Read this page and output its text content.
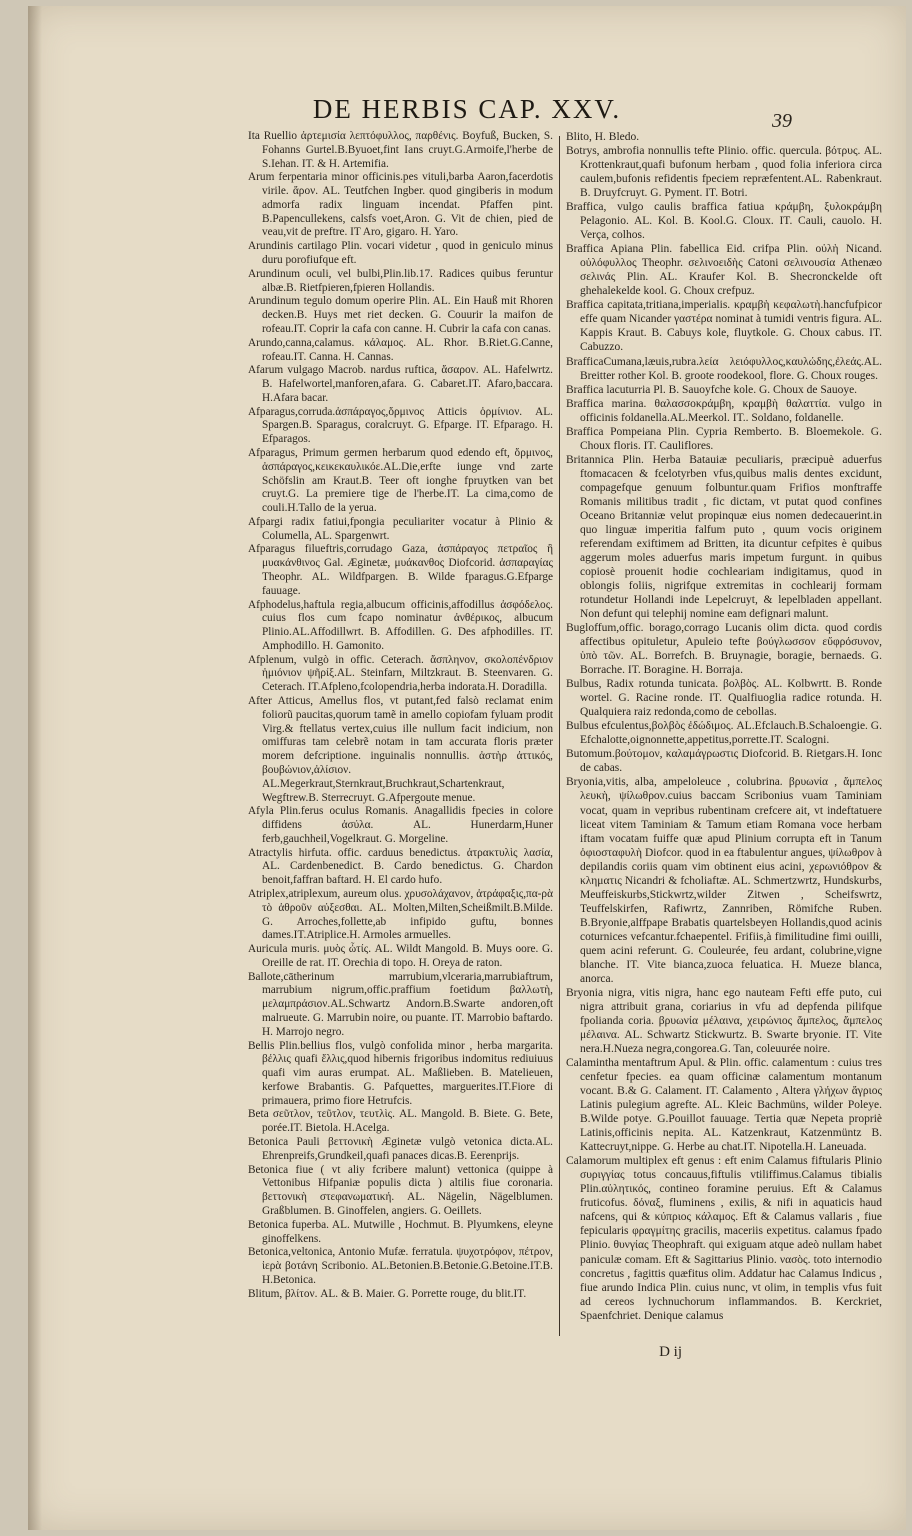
DE HERBIS CAP. XXV.	39

Ita Ruellio ἀρτεμισία λεπτόφυλλος, παρθένις. Boyfuß, Bucken, S. Fohanns Gurtel.B.Byuoet,fint Ians cruyt.G.Armoife,l'herbe de S.Iehan. IT. & H. Artemifia.

Arum ferpentaria minor officinis.pes vituli,barba Aaron,facerdotis virile. ἄρον. AL. Teutfchen Ingber. quod gingiberis in modum admorfa radix linguam incendat. Pfaffen pint. B.Papencullekens, calsfs voet,Aron. G. Vit de chien, pied de veau,vit de preftre. IT Aro, gigaro. H. Yaro.

Arundinis cartilago Plin. vocari videtur , quod in geniculo minus duru porofiufque eft.

Arundinum oculi, vel bulbi,Plin.lib.17. Radices quibus feruntur albæ.B. Rietfpieren,fpieren Hollandis.

Arundinum tegulo domum operire Plin. AL. Ein Hauß mit Rhoren decken.B. Huys met riet decken. G. Couurir la maifon de rofeau.IT. Coprir la cafa con canne. H. Cubrir la cafa con canas.

Arundo,canna,calamus. κάλαμος. AL. Rhor. B.Riet.G.Canne, rofeau.IT. Canna. H. Cannas.

Afarum vulgago Macrob. nardus ruftica, ἄσαρον. AL. Hafelwrtz. B. Hafelwortel,manforen,afara. G. Cabaret.IT. Afaro,baccara. H.Afara bacar.

Afparagus,corruda.ἀσπάραγος,ὄρμινος Atticis ὀρμίνιον. AL. Spargen.B. Sparagus, coralcruyt. G. Efparge. IT. Efparago. H. Efparagos.

Afparagus, Primum germen herbarum quod edendo eft, ὄρμινος, ἀσπάραγος,κεικεκαυλικόε.AL.Die,erfte iunge vnd zarte Schöfslin am Kraut.B. Teer oft ionghe fpruytken van bet cruyt.G. La premiere tige de l'herbe.IT. La cima,como de couli.H.Tallo de la yerua.

Afpargi radix fatiui,fpongia peculiariter vocatur à Plinio & Columella, AL. Spargenwrt.

Afparagus filueftris,corrudago Gaza, ἀσπάραγος πετραῖος ἢ μυακάνθινος Gal. Æginetæ, μυάκανθος Diofcorid. ἀσπαραγίας Theophr. AL. Wildfpargen. B. Wilde fparagus.G.Efparge fauuage.

Afphodelus,haftula regia,albucum officinis,affodillus ἀσφόδελος. cuius flos cum fcapo nominatur ἀνθέρικος, albucum Plinio.AL.Affodillwrt. B. Affodillen. G. Des afphodilles. IT. Amphodillo. H. Gamonito.

Afplenum, vulgò in offic. Ceterach. ἄσπληνον, σκολοπένδριον ἡμιόνιον ψῆρίξ.AL. Steinfarn, Miltzkraut. B. Steenvaren. G. Ceterach. IT.Afpleno,fcolopendria,herba indorata.H. Doradilla.

After Atticus, Amellus flos, vt putant,fed falsò reclamat enim foliorũ paucitas,quorum tamẽ in amello copiofam fyluam prodit Virg.& ftellatus vertex,cuius ille nullum facit indicium, non omiffuras tam celebrẽ notam in tam accurata floris præter morem defcriptione. inguinalis nonnullis. ἀστὴρ ἀττικός, βουβώνιον,ἀλίσιον. AL.Megerkraut,Sternkraut,Bruchkraut,Schartenkraut, Wegftrew.B. Sterrecruyt. G.Afpergoute menue.

Afyla Plin.ferus oculus Romanis. Anagallidis fpecies in colore diffidens ἀσύλα. AL. Hunerdarm,Huner ferb,gauchheil,Vogelkraut. G. Morgeline.

Atractylis hirfuta. offic. carduus benedictus. ἀτρακτυλὶς λασία, AL. Cardenbenedict. B. Cardo benedictus. G. Chardon benoit,faffran baftard. H. El cardo hufo.

Atriplex,atriplexum, aureum olus. χρυσολάχανον, ἀτράφαξις,πα-ρὰ τὸ ἀθροῦν αὐξεσθαι. AL. Molten,Milten,Scheißmilt.B.Milde. G. Arroches,follette,ab infipido guftu, bonnes dames.IT.Atriplice.H. Armoles armuelles.

Auricula muris. μυὸς ὦτίς. AL. Wildt Mangold. B. Muys oore. G. Oreille de rat. IT. Orechia di topo. H. Oreya de raton.

Ballote,cātherinum marrubium,vlceraria,marrubiaftrum, marrubium nigrum,offic.praffium foetidum βαλλωτὴ, μελαμπράσιον.AL.Schwartz Andorn.B.Swarte andoren,oft malrueute. G. Marrubin noire, ou puante. IT. Marrobio baftardo. H. Marrojo negro.

Bellis Plin.bellius flos, vulgò confolida minor , herba margarita. βέλλις quafi ἕλλις,quod hibernis frigoribus indomitus rediuiuus quafi vim auras erumpat. AL. Maßlieben. B. Matelieuen, kerfowe Brabantis. G. Pafquettes, marguerites.IT.Fiore di primauera, primo fiore Hetrufcis.

Beta σεῦτλον, τεῦτλον, τευτλὶς. AL. Mangold. B. Biete. G. Bete, porée.IT. Bietola. H.Acelga.

Betonica Pauli βεττονικὴ Æginetæ vulgò vetonica dicta.AL. Ehrenpreifs,Grundkeil,quafi panaces dicas.B. Eerenprijs.

Betonica fiue ( vt aliy fcribere malunt) vettonica (quippe à Vettonibus Hifpaniæ populis dicta ) altilis fiue coronaria. βεττονικὴ στεφανωματική. AL. Nägelin, Nägelblumen. Graßblumen. B. Ginoffelen, angiers. G. Oeillets.

Betonica fuperba. AL. Mutwille , Hochmut. B. Plyumkens, eleyne ginoffelkens.

Betonica,veltonica, Antonio Mufæ. ferratula. ψυχοτρόφον, πέτρον, ἱερὰ βοτάνη Scribonio. AL.Betonien.B.Betonie.G.Betoine.IT.B. H.Betonica.

Blitum, βλίτον. AL. & B. Maier. G. Porrette rouge, du blit.IT.

Blito, H. Bledo.

Botrys, ambrofia nonnullis tefte Plinio. offic. quercula. βότρυς. AL. Krottenkraut,quafi bufonum herbam , quod folia inferiora circa caulem,bufonis refidentis fpeciem repræfentent.AL. Rabenkraut. B. Druyfcruyt. G. Pyment. IT. Botri.

Braffica, vulgo caulis braffica fatiua κράμβη, ξυλοκράμβη Pelagonio. AL. Kol. B. Kool.G. Cloux. IT. Cauli, cauolo. H. Verça, colhos.

Braffica Apiana Plin. fabellica Eid. crifpa Plin. οὐλὴ Nicand. οὐλόφυλλος Theophr. σελινοειδὴς Catoni σελινουσία Athenæo σελινάς Plin. AL. Kraufer Kol. B. Shecronckelde oft ghehalekelde kool. G. Choux crefpuz.

Braffica capitata,tritiana,imperialis. κραμβὴ κεφαλωτὴ.hancfufpicor effe quam Nicander γαστέρα nominat à tumidi ventris figura. AL. Kappis Kraut. B. Cabuys kole, fluytkole. G. Choux cabus. IT. Cabuzzo.

BrafficaCumana,læuis,rubra.λεία λειόφυλλος,καυλώδης,ἐλεάς.AL. Breitter rother Kol. B. groote roodekool, flore. G. Choux rouges.

Braffica lacuturria Pl. B. Sauoyfche kole. G. Choux de Sauoye.

Braffica marina. θαλασσοκράμβη, κραμβὴ θαλαττία. vulgo in officinis foldanella.AL.Meerkol. IT.. Soldano, foldanelle.

Braffica Pompeiana Plin. Cypria Remberto. B. Bloemekole. G. Choux floris. IT. Cauliflores.

Britannica Plin. Herba Batauiæ peculiaris, præcipuè aduerfus ftomacacen & fcelotyrben vfus,quibus malis dentes excidunt, compagefque genuum folbuntur.quam Frifios monftraffe Romanis militibus tradit , fic dictam, vt putat quod confines Oceano Britanniæ velut propinquæ eius nomen dedecauerint.in quo linguæ imperitia falfum puto , quum vocis originem referendam exiftimem ad Britten, ita dicuntur cefpites è quibus aggerum moles aduerfus maris impetum furgunt. in quibus copiosè prouenit hodie cochleariam indigitamus, quod in oblongis foliis, nigrifque extremitas in cochlearij formam rotundetur Hollandi inde Lepelcruyt, & lepelbladen appellant. Non defunt qui telephij nomine eam defignari malunt.

Bugloffum,offic. borago,corrago Lucanis olim dicta. quod cordis affectibus opituletur, Apuleio tefte βούγλωσσον εὔφρόσυνον, ὑπὸ τῶν. AL. Borrefch. B. Bruynagie, boragie, bernaeds. G. Borrache. IT. Boragine. H. Borraja.

Bulbus, Radix rotunda tunicata. βολβὸς. AL. Kolbwrtt. B. Ronde wortel. G. Racine ronde. IT. Qualfiuoglia radice rotunda. H. Qualquiera raiz redonda,como de cebollas.

Bulbus efculentus,βολβὸς ἐδώδιμος. AL.Efclauch.B.Schaloengie. G. Efchalotte,oignonnette,appetitus,porrette.IT. Scalogni.

Butomum.βούτομον, καλαμάγρωστις Diofcorid. B. Rietgars.H. Ionc de cabas.

Bryonia,vitis, alba, ampeloleuce , colubrina. βρυωνία , ἄμπελος λευκὴ, ψίλωθρον.cuius baccam Scribonius vuam Taminiam vocat, quam in vepribus rubentinam crefcere ait, vt indeftatuere liceat vitem Taminiam & Tamum etiam Romana voce herbam iftam vocatam fuiffe quæ apud Plinium corrupta eft in Tanum ὀφιοσταφυλὴ Diofcor. quod in ea ftabulentur angues, ψίλωθρον à depilandis coriis quam vim obtinent eius acini, χερωνιόθρον & κληματις Nicandri & fcholiaftæ. AL. Schmertzwrtz, Hundskurbs, Meuffeiskurbs,Stickwrtz,wilder Zitwen , Scheifswrtz, Teuffelskirfen, Rafiwrtz, Zannriben, Römifche Ruben. B.Bryonie,alffpape Brabatis quartelsbeyen Hollandis,quod acinis coturnices vefcantur.fchaepentel. Frifiis,à fimilitudine fimi ouilli, quem acini referunt. G. Couleurée, feu ardant, colubrine,vigne blanche. IT. Vite bianca,zuoca feluatica. H. Mueze blanca, anorca.

Bryonia nigra, vitis nigra, hanc ego nauteam Fefti effe puto, cui nigra attribuit grana, coriarius in vfu ad depfenda pilifque fpolianda coria. βρυωνία μέλαινα, χειρώνιος ἄμπελος, ἄμπελος μέλαινα. AL. Schwartz Stickwurtz. B. Swarte bryonie. IT. Vite nera.H.Nueza negra,congorea.G. Tan, coleuurée noire.

Calamintha mentaftrum Apul. & Plin. offic. calamentum : cuius tres cenfetur fpecies. ea quam officinæ calamentum montanum vocant. B.& G. Calament. IT. Calamento , Altera γλήχων ἄγριος Latinis pulegium agrefte. AL. Kleic Bachmüns, wilder Poleye. B.Wilde potye. G.Pouillot fauuage. Tertia quæ Nepeta propriè Latinis,officinis nepita. AL. Katzenkraut, Katzenmüntz B. Kattecruyt,nippe. G. Herbe au chat.IT. Nipotella.H. Laneuada.

Calamorum multiplex eft genus : eft enim Calamus fiftularis Plinio συριγγίας totus concauus,fiftulis vtiliffimus.Calamus tibialis Plin.αὐλητικός, contineo foramine peruius. Eft & Calamus fruticofus. δόναξ, fluminens , exilis, & nifi in aquaticis haud nafcens, qui & κύπριος κάλαμος. Eft & Calamus vallaris , fiue fepicularis φραγμίτης gracilis, maceriis expetitus. calamus fpado Plinio. θυνγίας Theophraft. qui exiguam atque adeò nullam habet paniculæ comam. Eft & Sagittarius Plinio. νασὸς. toto internodio concretus , fagittis quæfitus olim. Addatur hac Calamus Indicus , fiue arundo Indica Plin. cuius nunc, vt olim, in templis vfus fuit ad cereos lychnuchorum inflammandos. B. Kerckriet, Spaenfchriet. Denique calamus

D ij
